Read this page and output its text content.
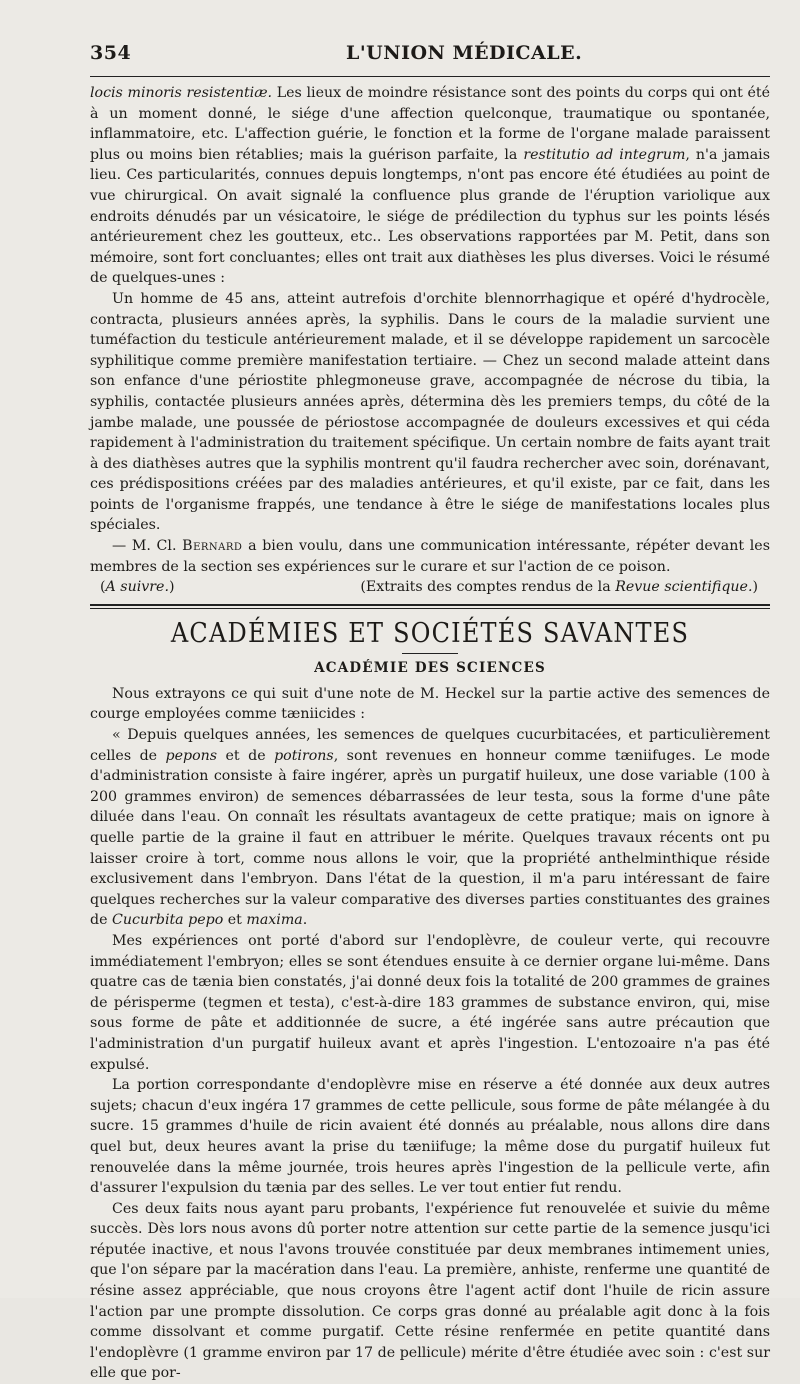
354	L'UNION MÉDICALE.

locis minoris resistentiæ. Les lieux de moindre résistance sont des points du corps qui ont été à un moment donné, le siége d'une affection quelconque, traumatique ou spontanée, inflammatoire, etc. L'affection guérie, le fonction et la forme de l'organe malade paraissent plus ou moins bien rétablies; mais la guérison parfaite, la restitutio ad integrum, n'a jamais lieu. Ces particularités, connues depuis longtemps, n'ont pas encore été étudiées au point de vue chirurgical. On avait signalé la confluence plus grande de l'éruption variolique aux endroits dénudés par un vésicatoire, le siége de prédilection du typhus sur les points lésés antérieurement chez les goutteux, etc.. Les observations rapportées par M. Petit, dans son mémoire, sont fort concluantes; elles ont trait aux diathèses les plus diverses. Voici le résumé de quelques-unes :

Un homme de 45 ans, atteint autrefois d'orchite blennorrhagique et opéré d'hydrocèle, contracta, plusieurs années après, la syphilis. Dans le cours de la maladie survient une tuméfaction du testicule antérieurement malade, et il se développe rapidement un sarcocèle syphilitique comme première manifestation tertiaire. — Chez un second malade atteint dans son enfance d'une périostite phlegmoneuse grave, accompagnée de nécrose du tibia, la syphilis, contactée plusieurs années après, détermina dès les premiers temps, du côté de la jambe malade, une poussée de périostose accompagnée de douleurs excessives et qui céda rapidement à l'administration du traitement spécifique. Un certain nombre de faits ayant trait à des diathèses autres que la syphilis montrent qu'il faudra rechercher avec soin, dorénavant, ces prédispositions créées par des maladies antérieures, et qu'il existe, par ce fait, dans les points de l'organisme frappés, une tendance à être le siége de manifestations locales plus spéciales.

— M. Cl. Bernard a bien voulu, dans une communication intéressante, répéter devant les membres de la section ses expériences sur le curare et sur l'action de ce poison.

(A suivre.)	(Extraits des comptes rendus de la Revue scientifique.)
ACADÉMIES ET SOCIÉTÉS SAVANTES
ACADÉMIE DES SCIENCES

Nous extrayons ce qui suit d'une note de M. Heckel sur la partie active des semences de courge employées comme tæniicides :

« Depuis quelques années, les semences de quelques cucurbitacées, et particulièrement celles de pepons et de potirons, sont revenues en honneur comme tæniifuges. Le mode d'administration consiste à faire ingérer, après un purgatif huileux, une dose variable (100 à 200 grammes environ) de semences débarrassées de leur testa, sous la forme d'une pâte diluée dans l'eau. On connaît les résultats avantageux de cette pratique; mais on ignore à quelle partie de la graine il faut en attribuer le mérite. Quelques travaux récents ont pu laisser croire à tort, comme nous allons le voir, que la propriété anthelminthique réside exclusivement dans l'embryon. Dans l'état de la question, il m'a paru intéressant de faire quelques recherches sur la valeur comparative des diverses parties constituantes des graines de Cucurbita pepo et maxima.

Mes expériences ont porté d'abord sur l'endoplèvre, de couleur verte, qui recouvre immédiatement l'embryon; elles se sont étendues ensuite à ce dernier organe lui-même. Dans quatre cas de tænia bien constatés, j'ai donné deux fois la totalité de 200 grammes de graines de périsperme (tegmen et testa), c'est-à-dire 183 grammes de substance environ, qui, mise sous forme de pâte et additionnée de sucre, a été ingérée sans autre précaution que l'administration d'un purgatif huileux avant et après l'ingestion. L'entozoaire n'a pas été expulsé.

La portion correspondante d'endoplèvre mise en réserve a été donnée aux deux autres sujets; chacun d'eux ingéra 17 grammes de cette pellicule, sous forme de pâte mélangée à du sucre. 15 grammes d'huile de ricin avaient été donnés au préalable, nous allons dire dans quel but, deux heures avant la prise du tæniifuge; la même dose du purgatif huileux fut renouvelée dans la même journée, trois heures après l'ingestion de la pellicule verte, afin d'assurer l'expulsion du tænia par des selles. Le ver tout entier fut rendu.

Ces deux faits nous ayant paru probants, l'expérience fut renouvelée et suivie du même succès. Dès lors nous avons dû porter notre attention sur cette partie de la semence jusqu'ici réputée inactive, et nous l'avons trouvée constituée par deux membranes intimement unies, que l'on sépare par la macération dans l'eau. La première, anhiste, renferme une quantité de résine assez appréciable, que nous croyons être l'agent actif dont l'huile de ricin assure l'action par une prompte dissolution. Ce corps gras donné au préalable agit donc à la fois comme dissolvant et comme purgatif. Cette résine renfermée en petite quantité dans l'endoplèvre (1 gramme environ par 17 de pellicule) mérite d'être étudiée avec soin : c'est sur elle que por-
